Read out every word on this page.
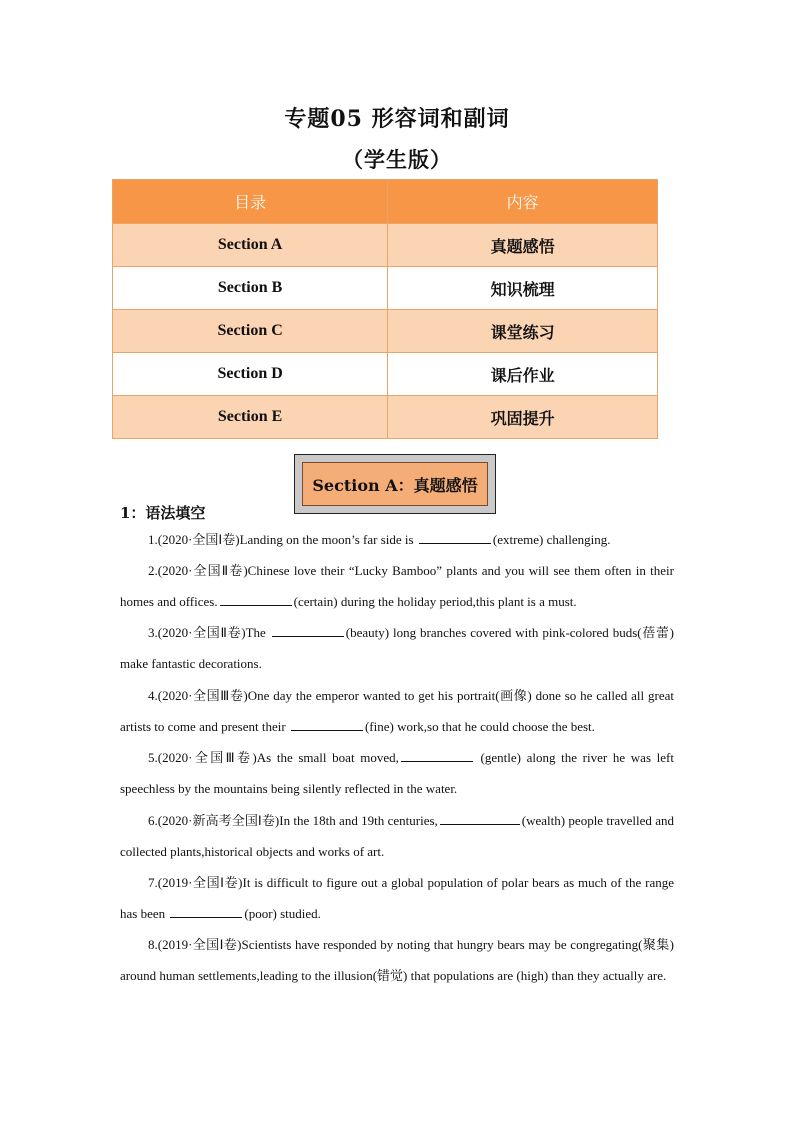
专题05 形容词和副词
（学生版）
目录	内容
Section A	真题感悟
Section B	知识梳理
Section C	课堂练习
Section D	课后作业
Section E	巩固提升
Section A：真题感悟
1：语法填空

1.(2020·全国Ⅰ卷)Landing on the moon’s far side is	(extreme) challenging.

2.(2020·全国Ⅱ卷)Chinese love their “Lucky Bamboo” plants and you will see them often in their homes and offices.	(certain) during the holiday period,this plant is a must.

3.(2020·全国Ⅱ卷)The	(beauty) long branches covered with pink-colored buds(蓓蕾) make fantastic decorations.

4.(2020·全国Ⅲ卷)One day the emperor wanted to get his portrait(画像) done so he called all great artists to come and present their	(fine) work,so that he could choose the best.

5.(2020·全国Ⅲ卷)As the small boat moved,	(gentle) along the river he was left speechless by the mountains being silently reflected in the water.

6.(2020·新高考全国Ⅰ卷)In the 18th and 19th centuries,	(wealth) people travelled and collected plants,historical objects and works of art.

7.(2019·全国Ⅰ卷)It is difficult to figure out a global population of polar bears as much of the range has been	(poor) studied.

8.(2019·全国Ⅰ卷)Scientists have responded by noting that hungry bears may be congregating(聚集) around human settlements,leading to the illusion(错觉) that populations are (high) than they actually are.
